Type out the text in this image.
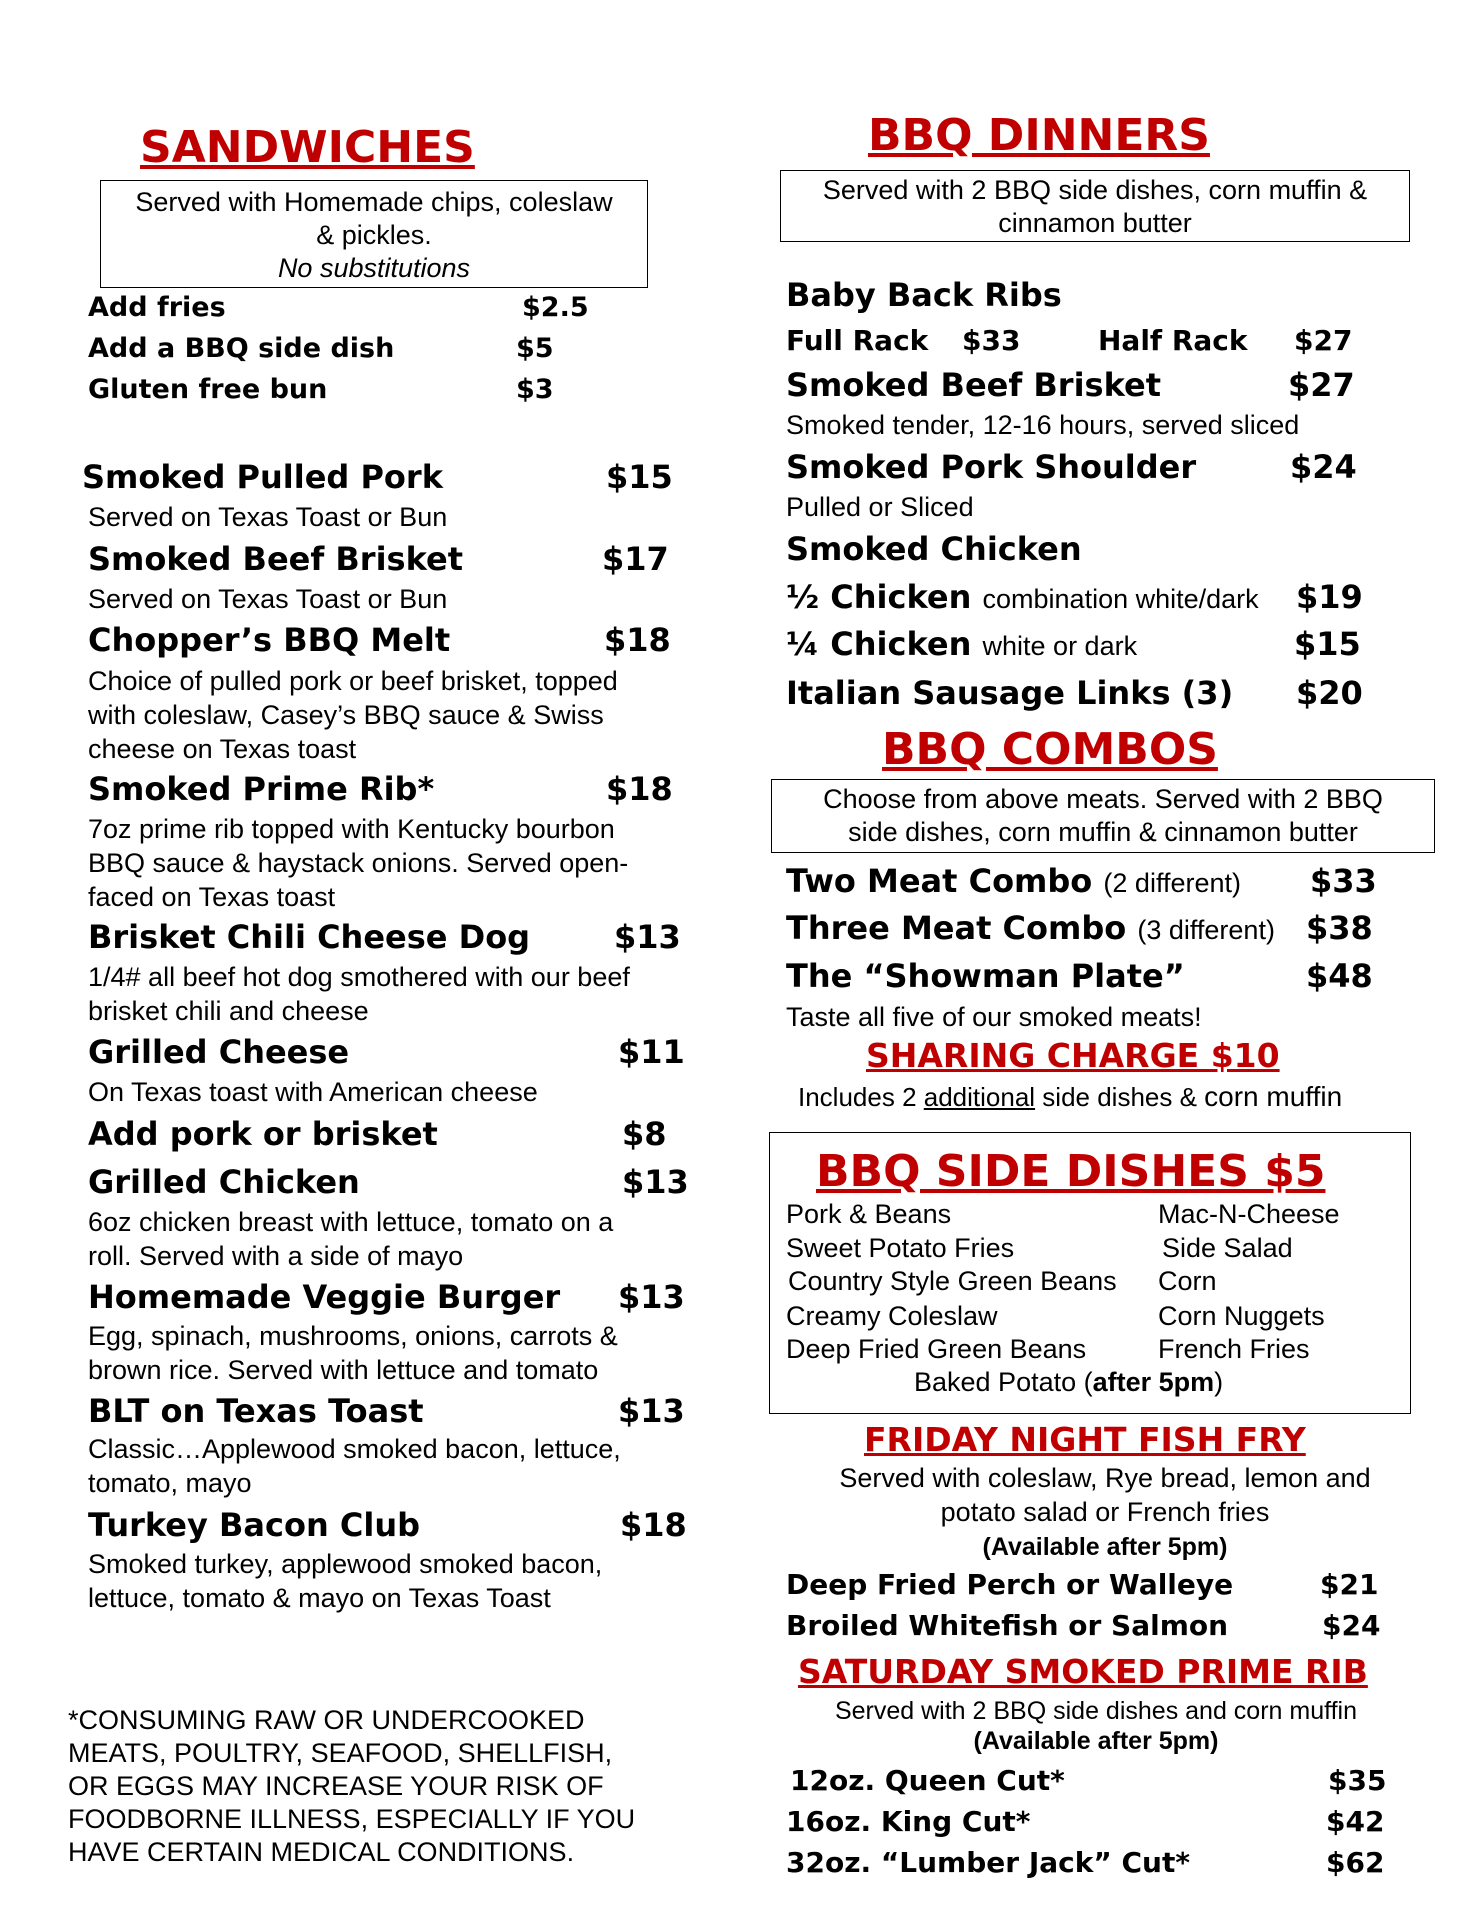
SANDWICHES
Served with Homemade chips, coleslaw
& pickles.
No substitutions
Add fries	$2.5
Add a BBQ side dish	$5
Gluten free bun	$3
Smoked Pulled Pork	$15
Served on Texas Toast or Bun
Smoked Beef Brisket	$17
Served on Texas Toast or Bun
Chopper’s BBQ Melt	$18
Choice of pulled pork or beef brisket, topped
with coleslaw, Casey’s BBQ sauce & Swiss
cheese on Texas toast
Smoked Prime Rib*	$18
7oz prime rib topped with Kentucky bourbon
BBQ sauce & haystack onions. Served open-
faced on Texas toast
Brisket Chili Cheese Dog	$13
1/4# all beef hot dog smothered with our beef
brisket chili and cheese
Grilled Cheese	$11
On Texas toast with American cheese
Add pork or brisket	$8
Grilled Chicken	$13
6oz chicken breast with lettuce, tomato on a
roll. Served with a side of mayo
Homemade Veggie Burger $13
Egg, spinach, mushrooms, onions, carrots &
brown rice. Served with lettuce and tomato
BLT on Texas Toast	$13
Classic…Applewood smoked bacon, lettuce,
tomato, mayo
Turkey Bacon Club	$18
Smoked turkey, applewood smoked bacon,
lettuce, tomato & mayo on Texas Toast
*CONSUMING RAW OR UNDERCOOKED
MEATS, POULTRY, SEAFOOD, SHELLFISH,
OR EGGS MAY INCREASE YOUR RISK OF
FOODBORNE ILLNESS, ESPECIALLY IF YOU
HAVE CERTAIN MEDICAL CONDITIONS.
BBQ DINNERS
Served with 2 BBQ side dishes, corn muffin &
cinnamon butter
Baby Back Ribs
Full Rack $33	Half Rack $27
Smoked Beef Brisket	$27
Smoked tender, 12-16 hours, served sliced
Smoked Pork Shoulder	$24
Pulled or Sliced
Smoked Chicken
½ Chicken combination white/dark $19
¼ Chicken white or dark	$15
Italian Sausage Links (3) $20
BBQ COMBOS
Choose from above meats. Served with 2 BBQ
side dishes, corn muffin & cinnamon butter
Two Meat Combo (2 different) $33
Three Meat Combo (3 different) $38
The “Showman Plate”	$48
Taste all five of our smoked meats!
SHARING CHARGE $10
Includes 2 additional side dishes & corn muffin
BBQ SIDE DISHES $5
Pork & Beans
Sweet Potato Fries
Country Style Green Beans
Creamy Coleslaw
Deep Fried Green Beans
Mac-N-Cheese
Side Salad
Corn
Corn Nuggets
French Fries
Baked Potato (after 5pm)
FRIDAY NIGHT FISH FRY
Served with coleslaw, Rye bread, lemon and
potato salad or French fries
(Available after 5pm)
Deep Fried Perch or Walleye	$21
Broiled Whitefish or Salmon	$24
SATURDAY SMOKED PRIME RIB
Served with 2 BBQ side dishes and corn muffin
(Available after 5pm)
12oz. Queen Cut*	$35
16oz. King Cut*	$42
32oz. “Lumber Jack” Cut*	$62
